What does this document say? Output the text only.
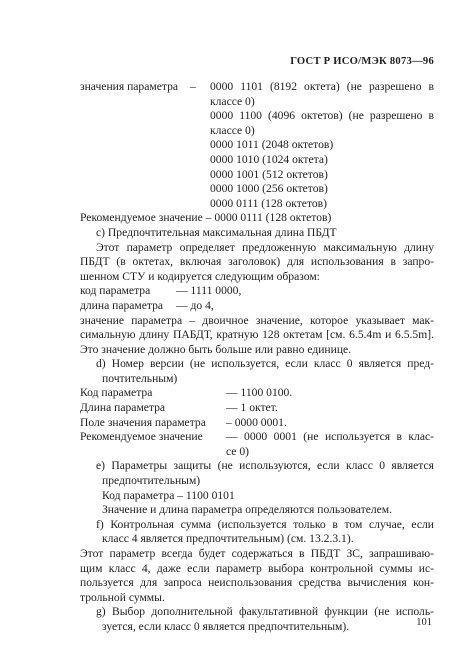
ГОСТ Р ИСО/МЭК 8073—96
значения параметра	–	0000 1101 (8192 октета) (не разрешено в
классе 0)
0000 1100 (4096 октетов) (не разрешено в
классе 0)
0000 1011 (2048 октетов)
0000 1010 (1024 октета)
0000 1001 (512 октетов)
0000 1000 (256 октетов)
0000 0111 (128 октетов)
Рекомендуемое значение – 0000 0111 (128 октетов)
с) Предпочтительная максимальная длина ПБДТ
Этот параметр определяет предложенную максимальную длину
ПБДТ (в октетах, включая заголовок) для использования в запро-
шенном СТУ и кодируется следующим образом:
код параметра	— 1111 0000,
длина параметра	— до 4,
значение параметра – двоичное значение, которое указывает мак-
симальную длину ПАБДТ, кратную 128 октетам [см. 6.5.4m и 6.5.5m].
Это значение должно быть больше или равно единице.
d) Номер версии (не используется, если класс 0 является пред-
почтительным)
Код параметра	— 1100 0100.
Длина параметра	— 1 октет.
Поле значения параметра	– 0000 0001.
Рекомендуемое значение	— 0000 0001 (не используется в клас-
се 0)
е) Параметры защиты (не используются, если класс 0 является
предпочтительным)
Код параметра – 1100 0101
Значение и длина параметра определяются пользователем.
f) Контрольная сумма (используется только в том случае, если
класс 4 является предпочтительным) (см. 13.2.3.1).
Этот параметр всегда будет содержаться в ПБДТ ЗС, запрашиваю-
щим класс 4, даже если параметр выбора контрольной суммы ис-
пользуется для запроса неиспользования средства вычисления кон-
трольной суммы.
g) Выбор дополнительной факультативной функции (не исполь-
зуется, если класс 0 является предпочтительным).	101
